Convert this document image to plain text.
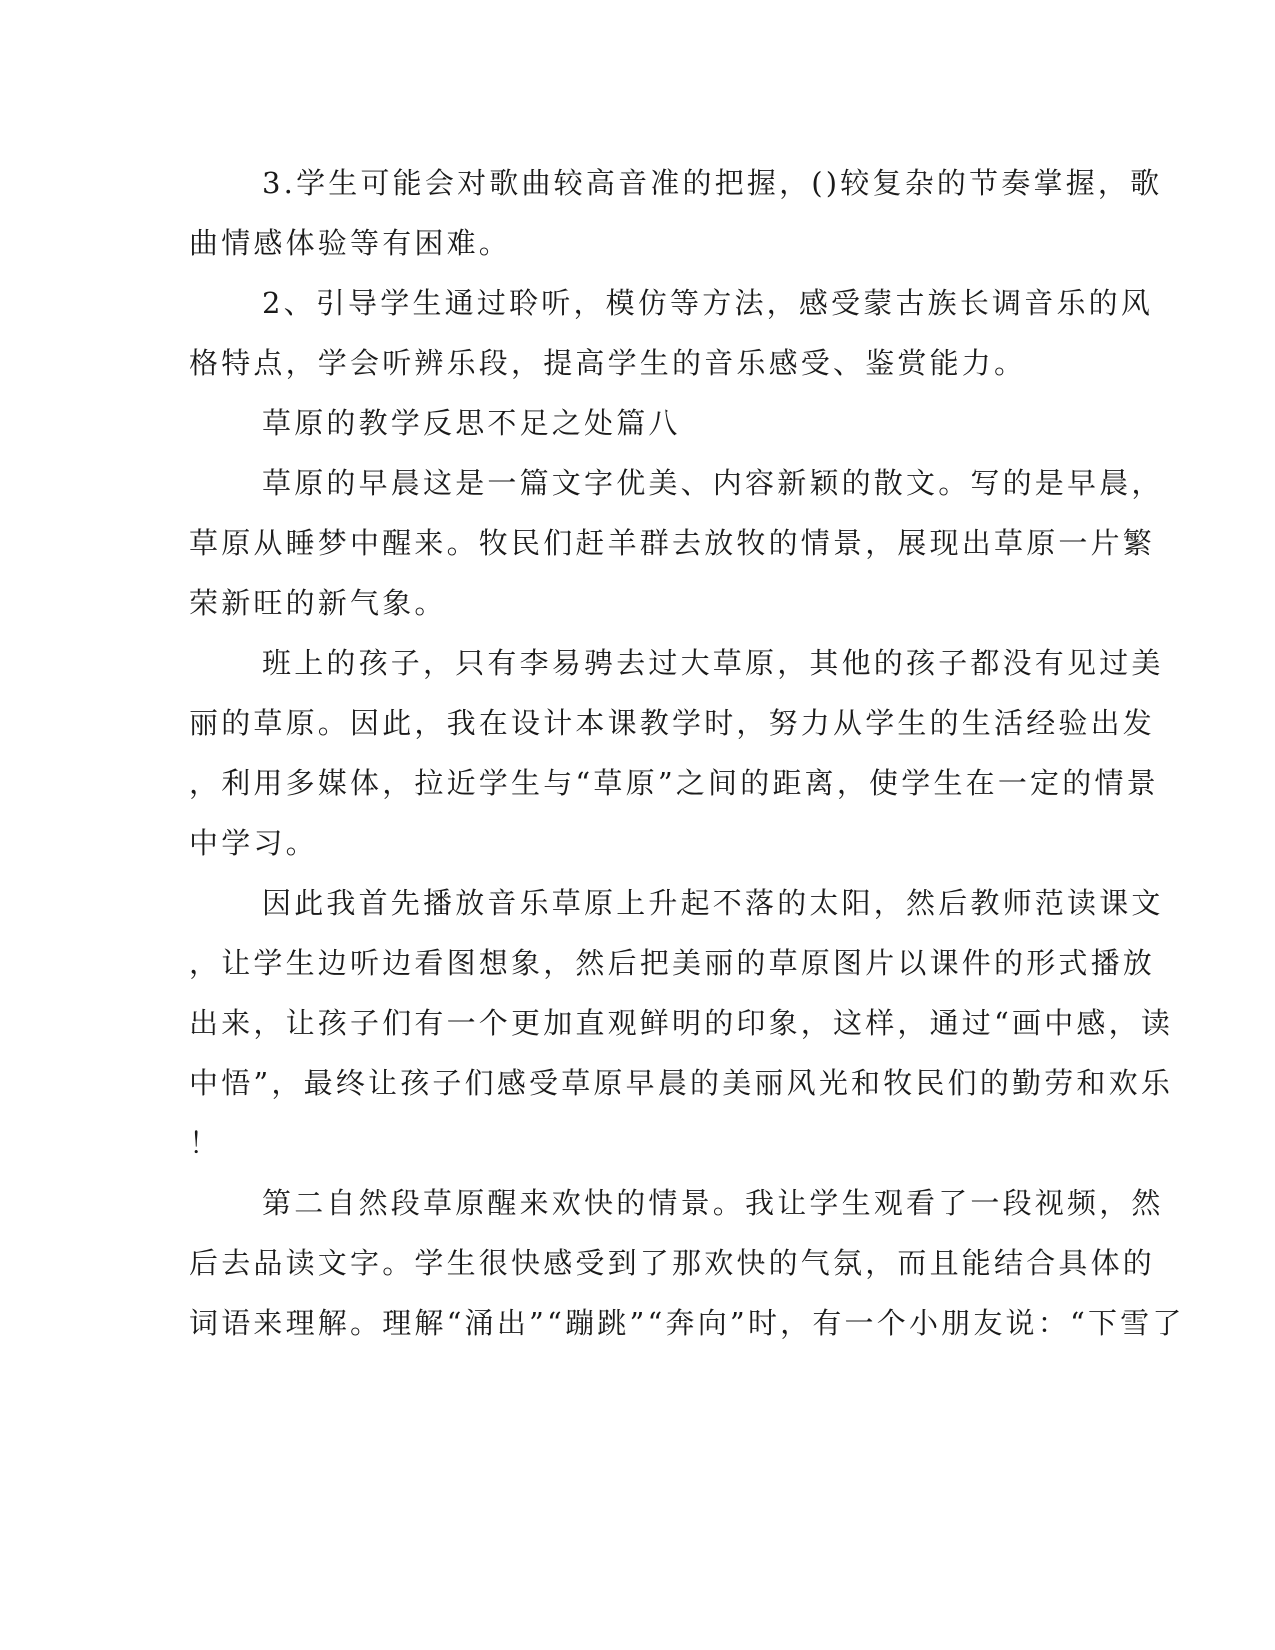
3.学生可能会对歌曲较高音准的把握，()较复杂的节奏掌握，歌
曲情感体验等有困难。
2、引导学生通过聆听，模仿等方法，感受蒙古族长调音乐的风
格特点，学会听辨乐段，提高学生的音乐感受、鉴赏能力。
草原的教学反思不足之处篇八
草原的早晨这是一篇文字优美、内容新颖的散文。写的是早晨，
草原从睡梦中醒来。牧民们赶羊群去放牧的情景，展现出草原一片繁
荣新旺的新气象。
班上的孩子，只有李易骋去过大草原，其他的孩子都没有见过美
丽的草原。因此，我在设计本课教学时，努力从学生的生活经验出发
，利用多媒体，拉近学生与“草原”之间的距离，使学生在一定的情景
中学习。
因此我首先播放音乐草原上升起不落的太阳，然后教师范读课文
，让学生边听边看图想象，然后把美丽的草原图片以课件的形式播放
出来，让孩子们有一个更加直观鲜明的印象，这样，通过“画中感，读
中悟”，最终让孩子们感受草原早晨的美丽风光和牧民们的勤劳和欢乐
！
第二自然段草原醒来欢快的情景。我让学生观看了一段视频，然
后去品读文字。学生很快感受到了那欢快的气氛，而且能结合具体的
词语来理解。理解“涌出”“蹦跳”“奔向”时，有一个小朋友说：“下雪了
